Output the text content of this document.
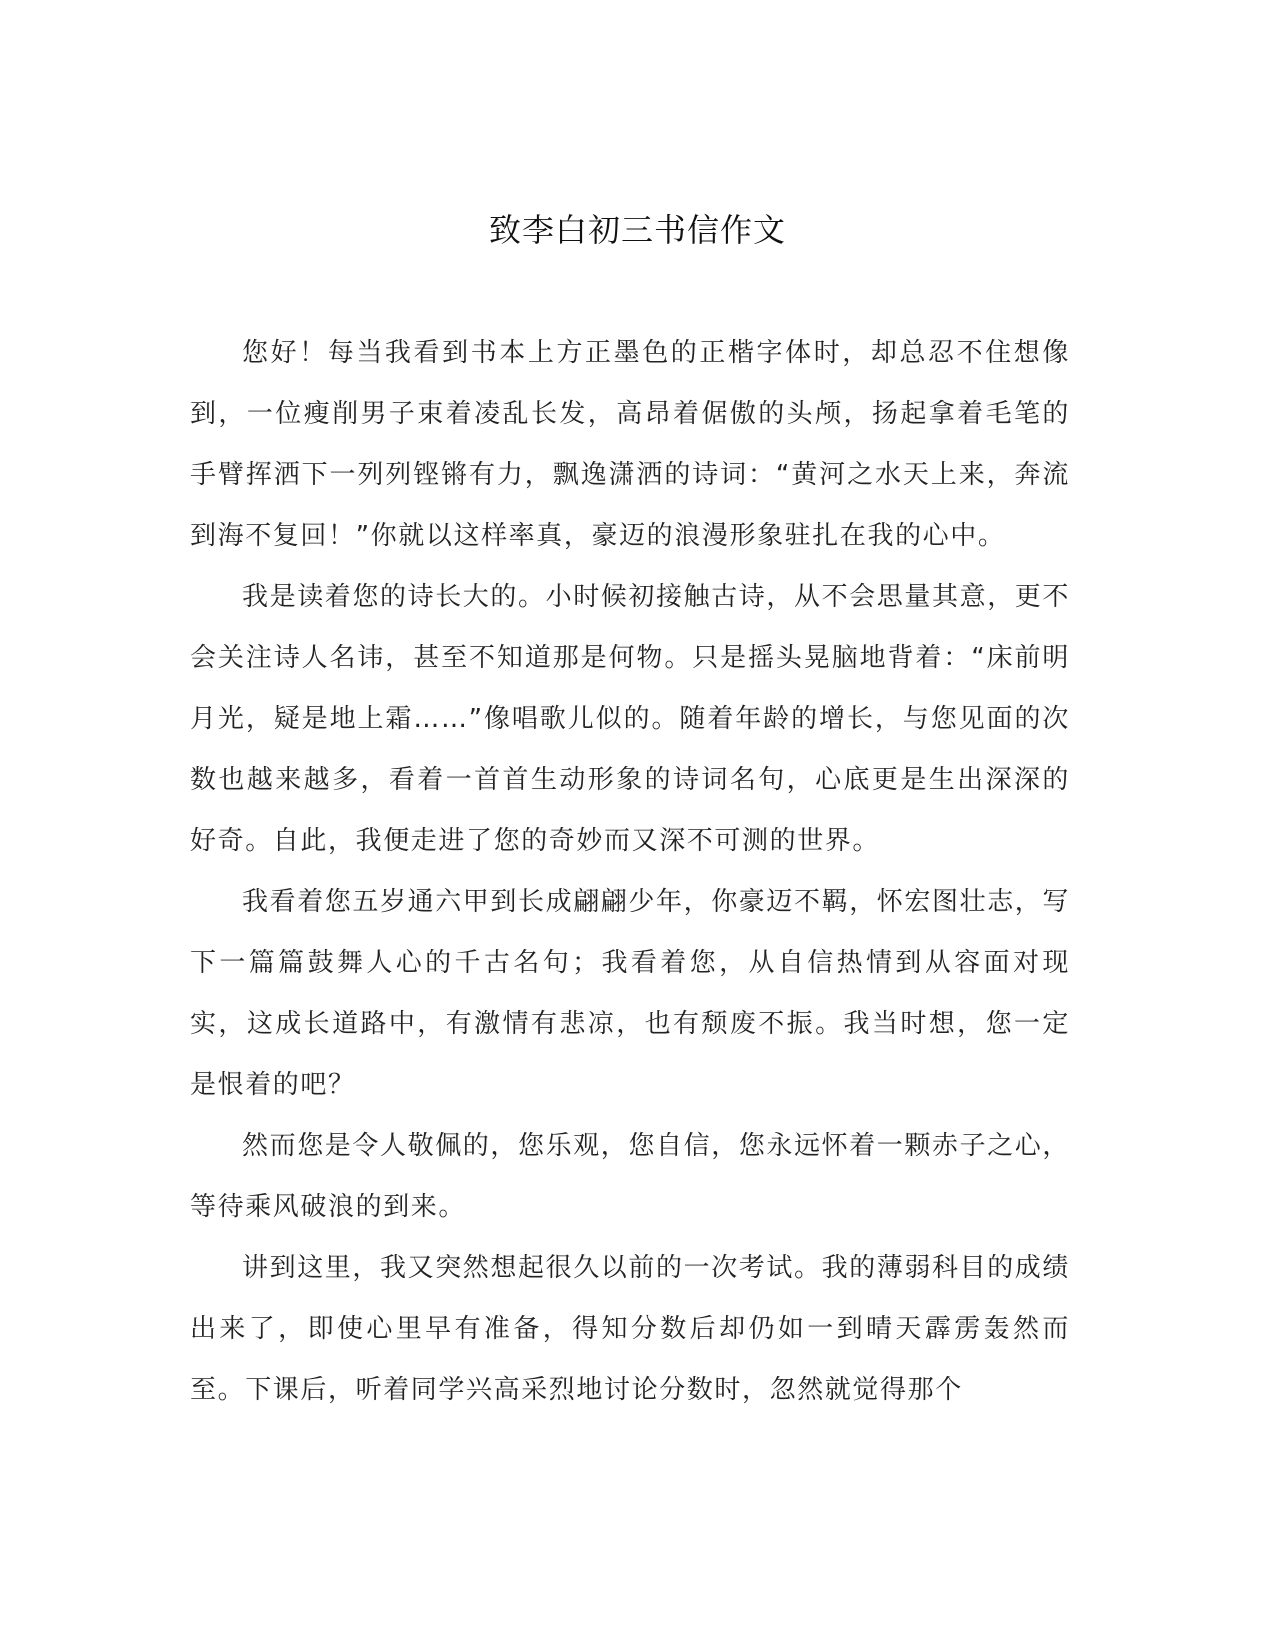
致李白初三书信作文

您好！每当我看到书本上方正墨色的正楷字体时，却总忍不住想像到，一位瘦削男子束着凌乱长发，高昂着倨傲的头颅，扬起拿着毛笔的手臂挥洒下一列列铿锵有力，飘逸潇洒的诗词：“黄河之水天上来，奔流到海不复回！”你就以这样率真，豪迈的浪漫形象驻扎在我的心中。

我是读着您的诗长大的。小时候初接触古诗，从不会思量其意，更不会关注诗人名讳，甚至不知道那是何物。只是摇头晃脑地背着：“床前明月光，疑是地上霜……”像唱歌儿似的。随着年龄的增长，与您见面的次数也越来越多，看着一首首生动形象的诗词名句，心底更是生出深深的好奇。自此，我便走进了您的奇妙而又深不可测的世界。

我看着您五岁通六甲到长成翩翩少年，你豪迈不羁，怀宏图壮志，写下一篇篇鼓舞人心的千古名句；我看着您，从自信热情到从容面对现实，这成长道路中，有激情有悲凉，也有颓废不振。我当时想，您一定是恨着的吧？

然而您是令人敬佩的，您乐观，您自信，您永远怀着一颗赤子之心，等待乘风破浪的到来。

讲到这里，我又突然想起很久以前的一次考试。我的薄弱科目的成绩出来了，即使心里早有准备，得知分数后却仍如一到晴天霹雳轰然而至。下课后，听着同学兴高采烈地讨论分数时，忽然就觉得那个
